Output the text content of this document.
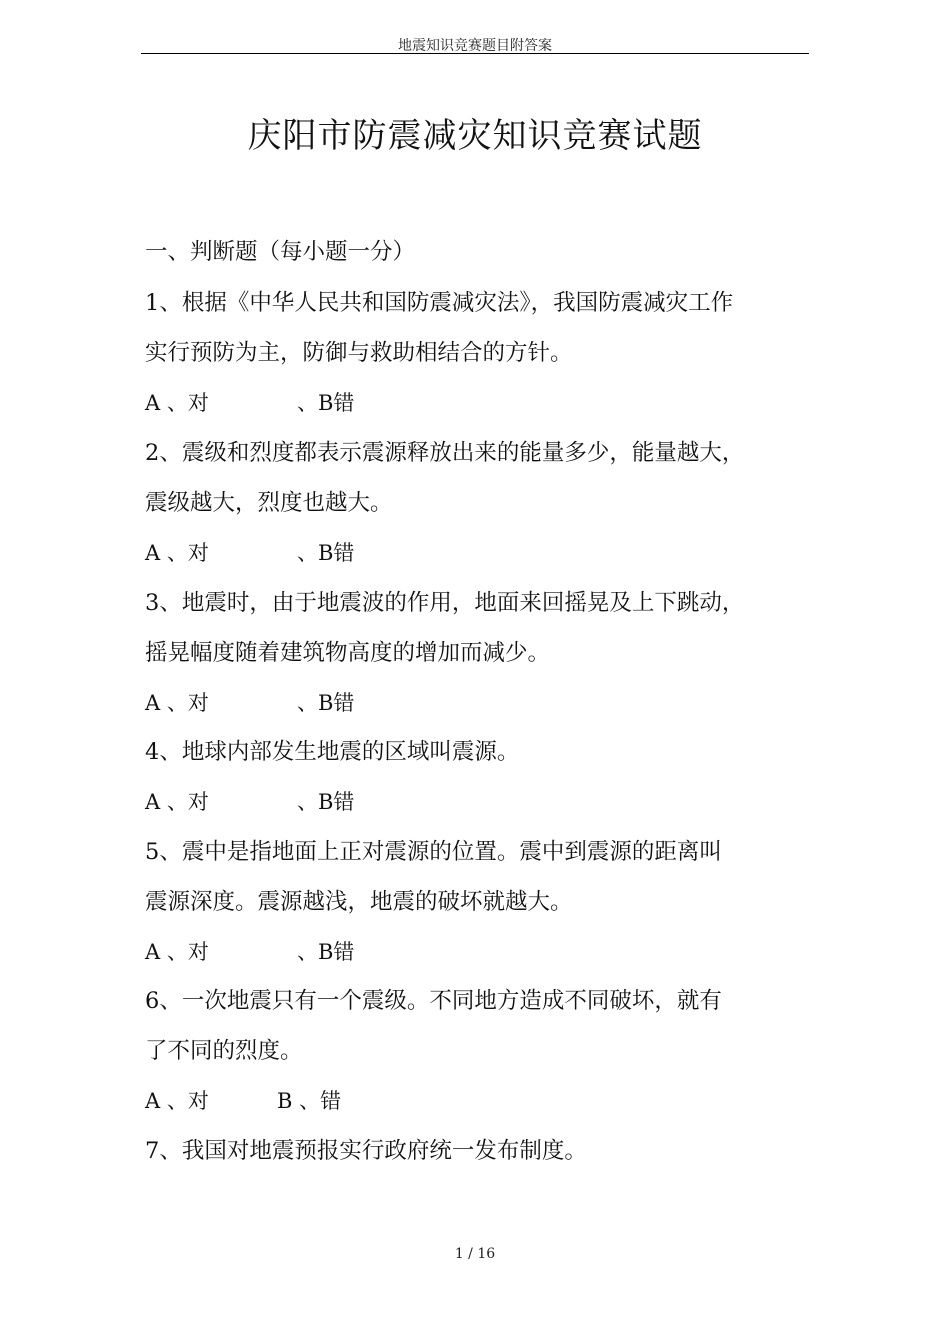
地震知识竞赛题目附答案
庆阳市防震减灾知识竞赛试题
一、判断题（每小题一分）
1、根据《中华人民共和国防震减灾法》，我国防震减灾工作
实行预防为主，防御与救助相结合的方针。
A 、对	、B错
2、震级和烈度都表示震源释放出来的能量多少，能量越大，
震级越大，烈度也越大。
A 、对	、B错
3、地震时，由于地震波的作用，地面来回摇晃及上下跳动，
摇晃幅度随着建筑物高度的增加而减少。
A 、对	、B错
4、地球内部发生地震的区域叫震源。
A 、对	、B错
5、震中是指地面上正对震源的位置。震中到震源的距离叫
震源深度。震源越浅，地震的破坏就越大。
A 、对	、B错
6、一次地震只有一个震级。不同地方造成不同破坏，就有
了不同的烈度。
A 、对	B 、错
7、我国对地震预报实行政府统一发布制度。
1 / 16
